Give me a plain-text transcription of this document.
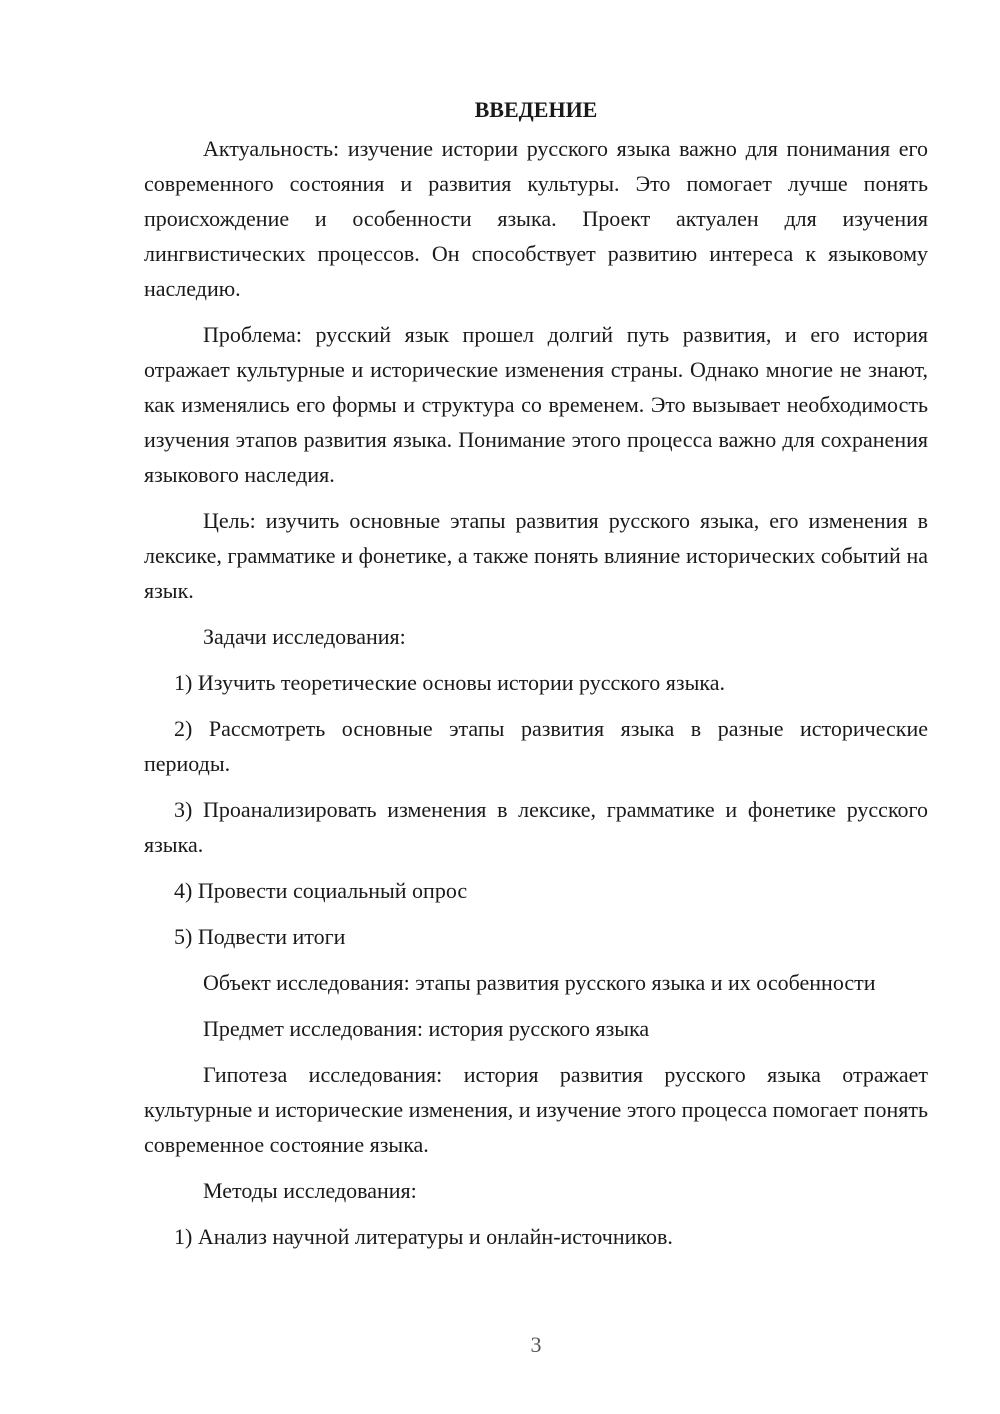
ВВЕДЕНИЕ

Актуальность: изучение истории русского языка важно для понимания его современного состояния и развития культуры. Это помогает лучше понять происхождение и особенности языка. Проект актуален для изучения лингвистических процессов. Он способствует развитию интереса к языковому наследию.

Проблема: русский язык прошел долгий путь развития, и его история отражает культурные и исторические изменения страны. Однако многие не знают, как изменялись его формы и структура со временем. Это вызывает необходимость изучения этапов развития языка. Понимание этого процесса важно для сохранения языкового наследия.

Цель: изучить основные этапы развития русского языка, его изменения в лексике, грамматике и фонетике, а также понять влияние исторических событий на язык.

Задачи исследования:

1) Изучить теоретические основы истории русского языка.

2) Рассмотреть основные этапы развития языка в разные исторические периоды.

3) Проанализировать изменения в лексике, грамматике и фонетике русского языка.

4) Провести социальный опрос

5) Подвести итоги

Объект исследования: этапы развития русского языка и их особенности

Предмет исследования: история русского языка

Гипотеза исследования: история развития русского языка отражает культурные и исторические изменения, и изучение этого процесса помогает понять современное состояние языка.

Методы исследования:

1) Анализ научной литературы и онлайн-источников.

3
